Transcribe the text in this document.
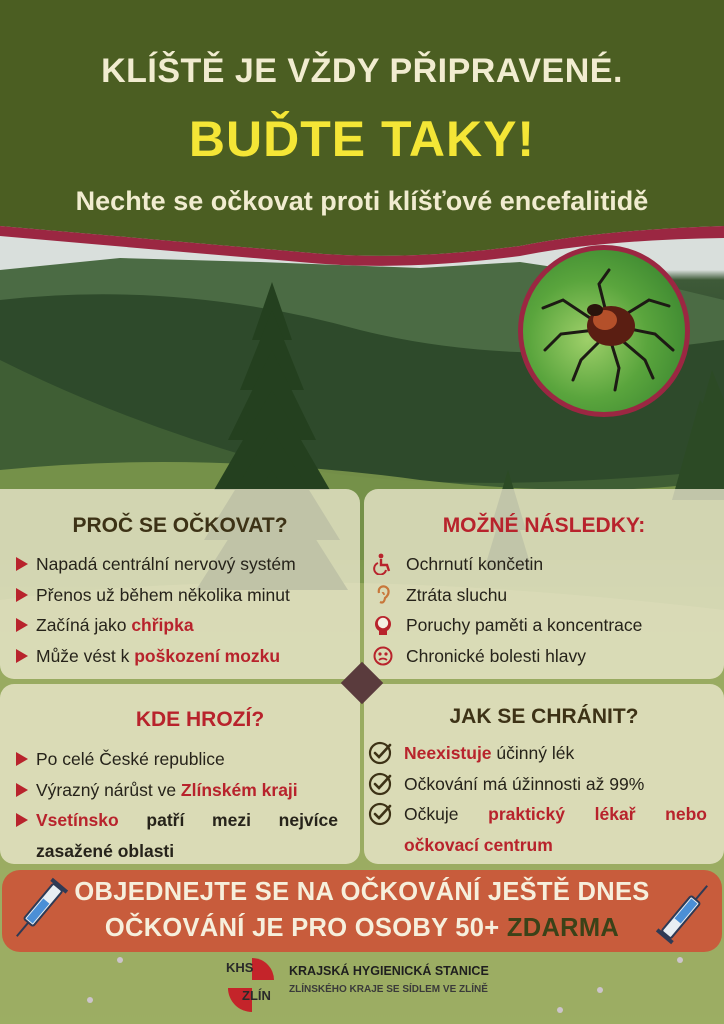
KLÍŠTĚ JE VŽDY PŘIPRAVENÉ.
BUĎTE TAKY!
Nechte se očkovat proti klíšťové encefalitidě
PROČ SE OČKOVAT?
Napadá centrální nervový systém
Přenos už během několika minut
Začíná jako chřipka
Může vést k poškození mozku
MOŽNÉ NÁSLEDKY:
Ochrnutí končetin
Ztráta sluchu
Poruchy paměti a koncentrace
Chronické bolesti hlavy
KDE HROZÍ?
Po celé České republice
Výrazný nárůst ve Zlínském kraji
Vsetínsko patří mezi nejvíce
zasažené oblasti
JAK SE CHRÁNIT?
Neexistuje účinný lék
Očkování má úžinnosti až 99%
Očkuje praktický lékař nebo
očkovací centrum
OBJEDNEJTE SE NA OČKOVÁNÍ JEŠTĚ DNES
OČKOVÁNÍ JE PRO OSOBY 50+ ZDARMA
KHS
ZLÍN
KRAJSKÁ HYGIENICKÁ STANICE
ZLÍNSKÉHO KRAJE SE SÍDLEM VE ZLÍNĚ
